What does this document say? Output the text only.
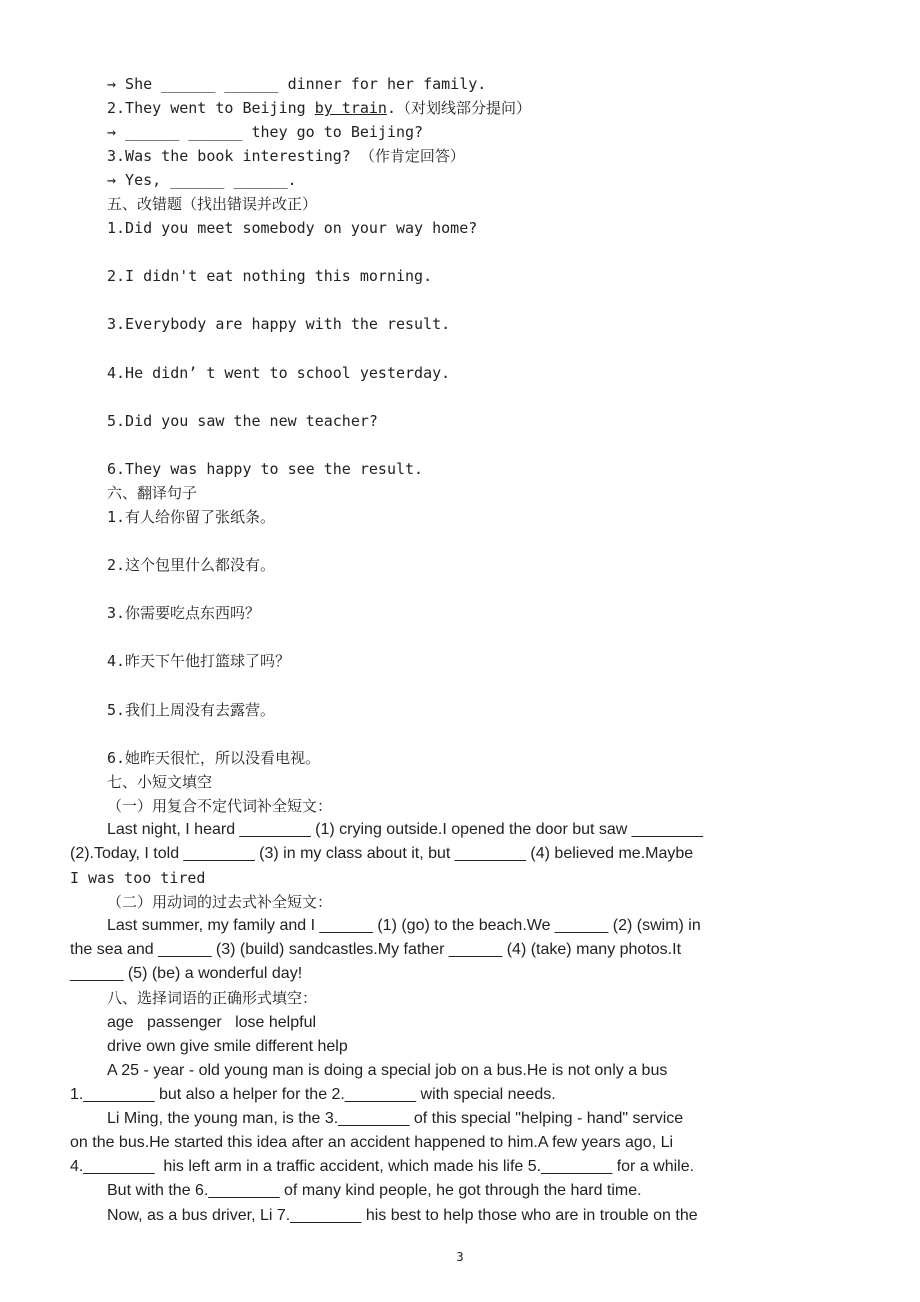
→ She ______ ______ dinner for her family.
2.They went to Beijing by train.（对划线部分提问）
→ ______ ______ they go to Beijing?
3.Was the book interesting? （作肯定回答）
→ Yes, ______ ______.
五、改错题（找出错误并改正）
1.Did you meet somebody on your way home?
2.I didn't eat nothing this morning.
3.Everybody are happy with the result.
4.He didn’ t went to school yesterday.
5.Did you saw the new teacher?
6.They was happy to see the result.
六、翻译句子
1.有人给你留了张纸条。
2.这个包里什么都没有。
3.你需要吃点东西吗？
4.昨天下午他打篮球了吗？
5.我们上周没有去露营。
6.她昨天很忙，所以没看电视。
七、小短文填空
（一）用复合不定代词补全短文：
Last night, I heard ________ (1) crying outside.I opened the door but saw ________
(2).Today, I told ________ (3) in my class about it, but ________ (4) believed me.Maybe
I was too tired
（二）用动词的过去式补全短文：
Last summer, my family and I ______ (1) (go) to the beach.We ______ (2) (swim) in
the sea and ______ (3) (build) sandcastles.My father ______ (4) (take) many photos.It
______ (5) (be) a wonderful day!
八、选择词语的正确形式填空：
age   passenger   lose helpful
drive own give smile different help
A 25 - year - old young man is doing a special job on a bus.He is not only a bus
1.________ but also a helper for the 2.________ with special needs.
Li Ming, the young man, is the 3.________ of this special "helping - hand" service
on the bus.He started this idea after an accident happened to him.A few years ago, Li
4.________  his left arm in a traffic accident, which made his life 5.________ for a while.
But with the 6.________ of many kind people, he got through the hard time.
Now, as a bus driver, Li 7.________ his best to help those who are in trouble on the
3
